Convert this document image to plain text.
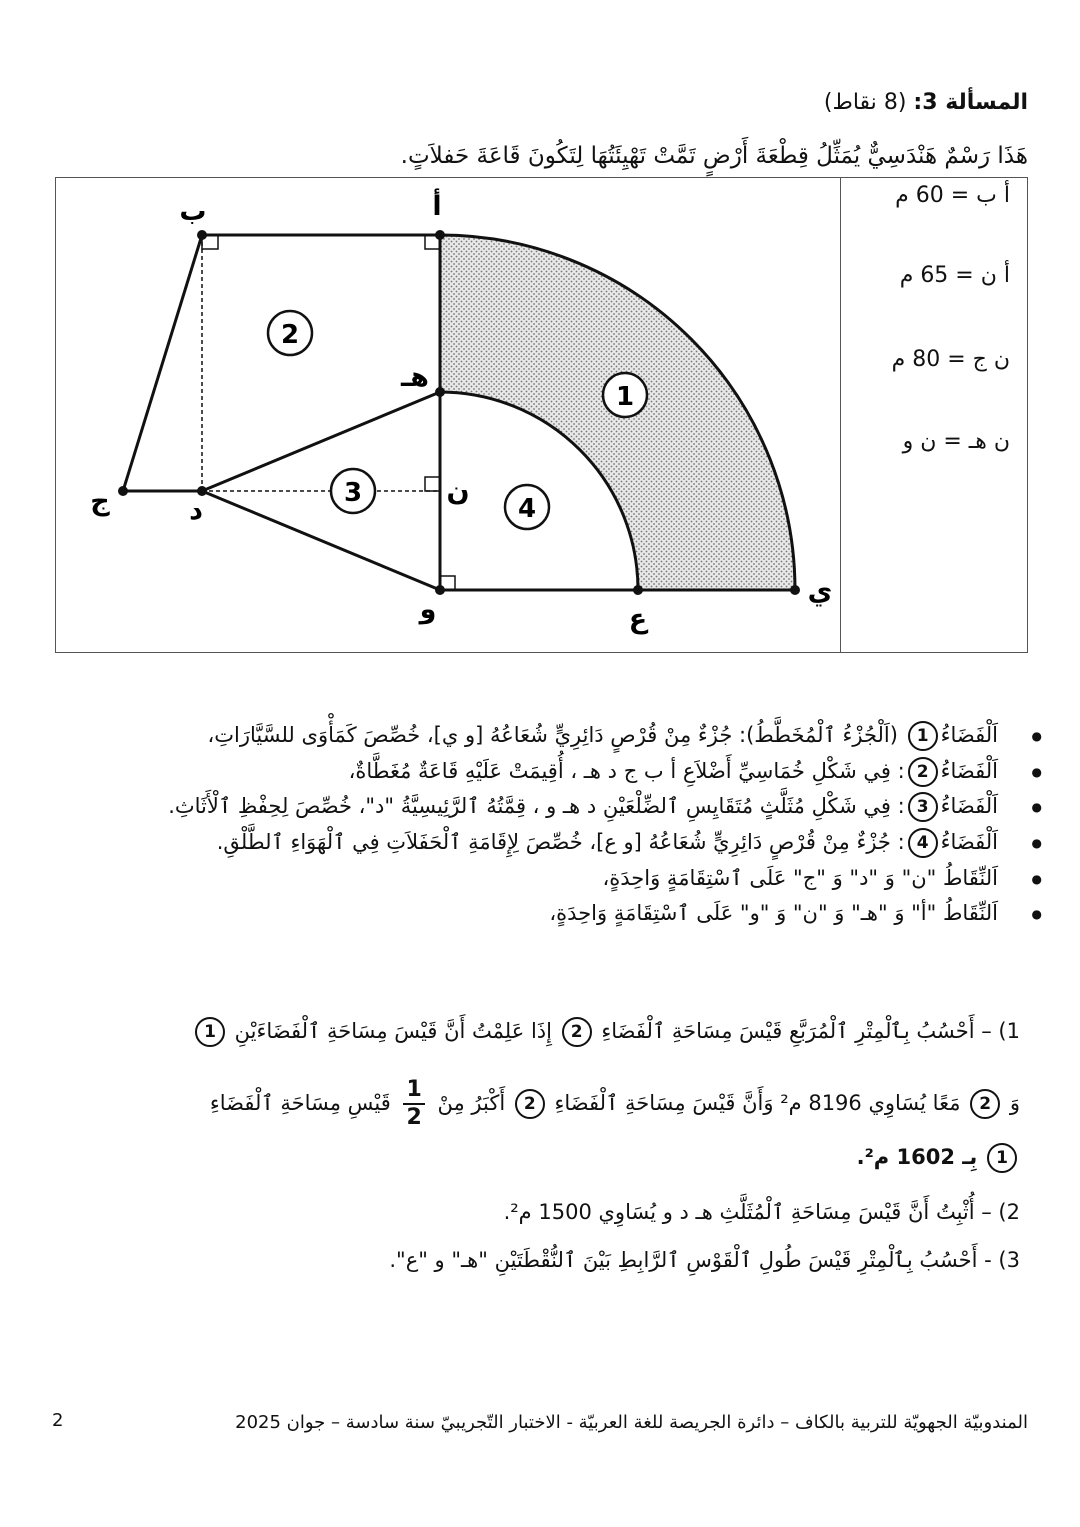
المسألة 3: (8 نقاط)
هَذَا رَسْمٌ هَنْدَسِيٌّ يُمَثِّلُ قِطْعَةَ أَرْضٍ تَمَّتْ تَهْيِئَتُهَا لِتَكُونَ قَاعَةَ حَفلاَتٍ.
أ ب = 60 م
أ ن = 65 م
ن ج = 80 م
ن هـ = ن و
ب	أ
هـ
ن
د
ج
و	ع
ي
2
1
3
4
● اَلْفَضَاءُ1 (اَلْجُزْءُ ٱلْمُخَطَّطُ): جُزْءٌ مِنْ قُرْصٍ دَائِرِيٍّ شُعَاعُهُ [و ي]، خُصِّصَ كَمَأْوَى للسَّيَّارَاتِ،
● اَلْفَضَاءُ2: فِي شَكْلِ خُمَاسِيِّ أَضْلاَعِ أ ب ج د هـ ، أُقِيمَتْ عَلَيْهِ قَاعَةٌ مُغَطَّاةٌ،
● اَلْفَضَاءُ3: فِي شَكْلِ مُثَلَّثٍ مُتَقَايِسِ ٱلضِّلْعَيْنِ د هـ و ، قِمَّتُهُ ٱلرَّئِيسِيَّةُ "د"، خُصِّصَ لِحِفْظِ ٱلْأَثَاثِ.
● اَلْفَضَاءُ4: جُزْءٌ مِنْ قُرْصٍ دَائِرِيٍّ شُعَاعُهُ [و ع]، خُصِّصَ لِإِقَامَةِ ٱلْحَفَلاَتِ فِي ٱلْهَوَاءِ ٱلطَّلْقِ.
● اَلنِّقَاطُ "ن" وَ "د" وَ "ج" عَلَى ٱسْتِقَامَةٍ وَاحِدَةٍ،
● اَلنِّقَاطُ "أ" وَ "هـ" وَ "ن" وَ "و" عَلَى ٱسْتِقَامَةٍ وَاحِدَةٍ،
1) – أَحْسُبُ بِٱلْمِتْرِ ٱلْمُرَبَّعِ قَيْسَ مِسَاحَةِ ٱلْفَضَاءِ 2 إِذَا عَلِمْتُ أَنَّ قَيْسَ مِسَاحَةِ ٱلْفَضَاءَيْنِ 1
وَ 2 مَعًا يُسَاوِي 8196 م² وَأَنَّ قَيْسَ مِسَاحَةِ ٱلْفَضَاءِ 2 أَكْبَرُ مِنْ
$\frac{1}{2}$
قَيْسِ مِسَاحَةِ ٱلْفَضَاءِ
1 بِـ 1602 م².
2) – أُثْبِتُ أَنَّ قَيْسَ مِسَاحَةِ ٱلْمُثَلَّثِ هـ د و يُسَاوِي 1500 م².
3) - أَحْسُبُ بِٱلْمِتْرِ قَيْسَ طُولِ ٱلْقَوْسِ ٱلرَّابِطِ بَيْنَ ٱلنُّقْطَتَيْنِ "هـ" و "ع".
المندوبيّة الجهويّة للتربية بالكاف – دائرة الجريصة للغة العربيّة - الاختبار التّجريبيّ سنة سادسة – جوان 2025
2
